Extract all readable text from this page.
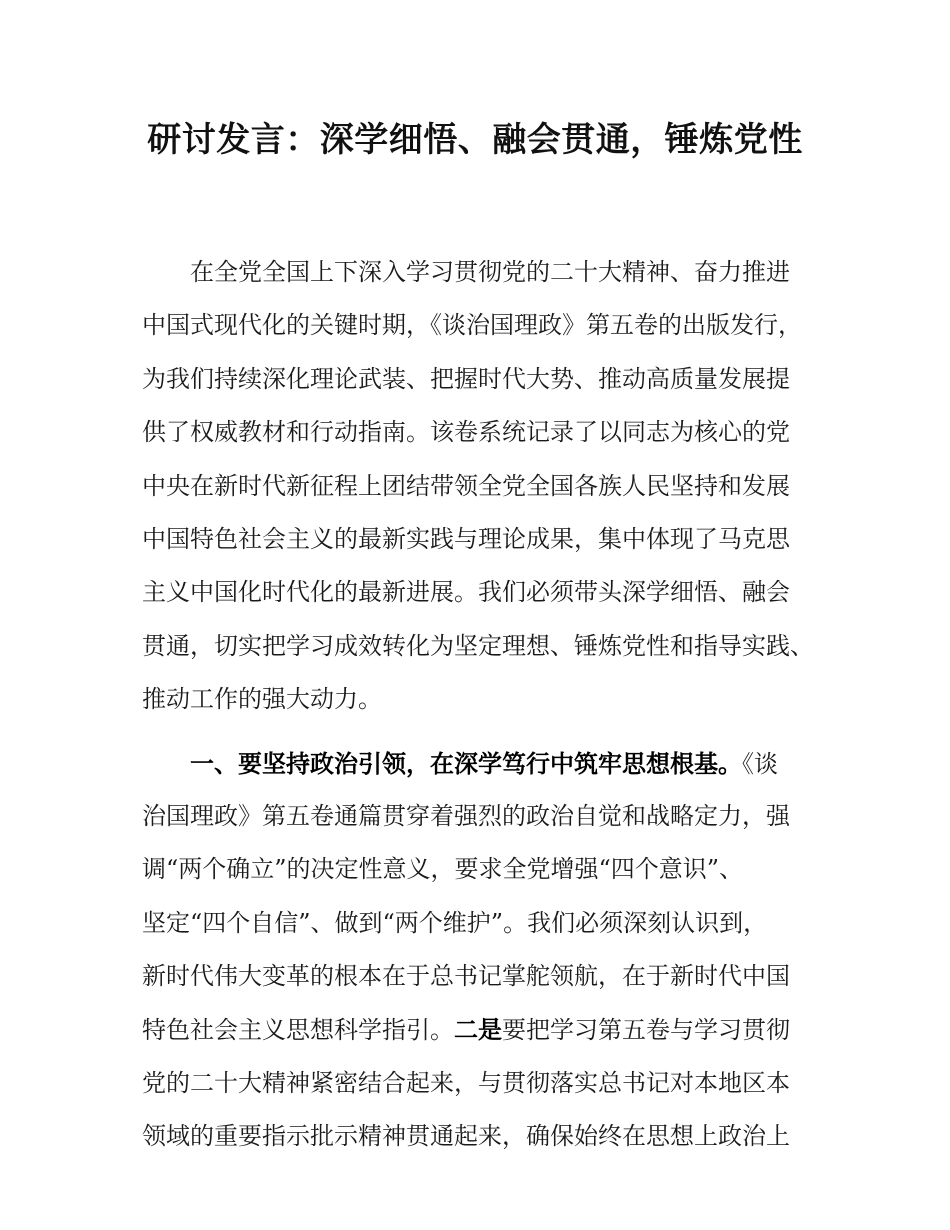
研讨发言：深学细悟、融会贯通，锤炼党性

在全党全国上下深入学习贯彻党的二十大精神、奋力推进

中国式现代化的关键时期，《谈治国理政》第五卷的出版发行，

为我们持续深化理论武装、把握时代大势、推动高质量发展提

供了权威教材和行动指南。该卷系统记录了以同志为核心的党

中央在新时代新征程上团结带领全党全国各族人民坚持和发展

中国特色社会主义的最新实践与理论成果，集中体现了马克思

主义中国化时代化的最新进展。我们必须带头深学细悟、融会

贯通，切实把学习成效转化为坚定理想、锤炼党性和指导实践、

推动工作的强大动力。

一、要坚持政治引领，在深学笃行中筑牢思想根基。《谈

治国理政》第五卷通篇贯穿着强烈的政治自觉和战略定力，强

调“两个确立”的决定性意义，要求全党增强“四个意识”、

坚定“四个自信”、做到“两个维护”。我们必须深刻认识到，

新时代伟大变革的根本在于总书记掌舵领航，在于新时代中国

特色社会主义思想科学指引。二是要把学习第五卷与学习贯彻

党的二十大精神紧密结合起来，与贯彻落实总书记对本地区本

领域的重要指示批示精神贯通起来，确保始终在思想上政治上
